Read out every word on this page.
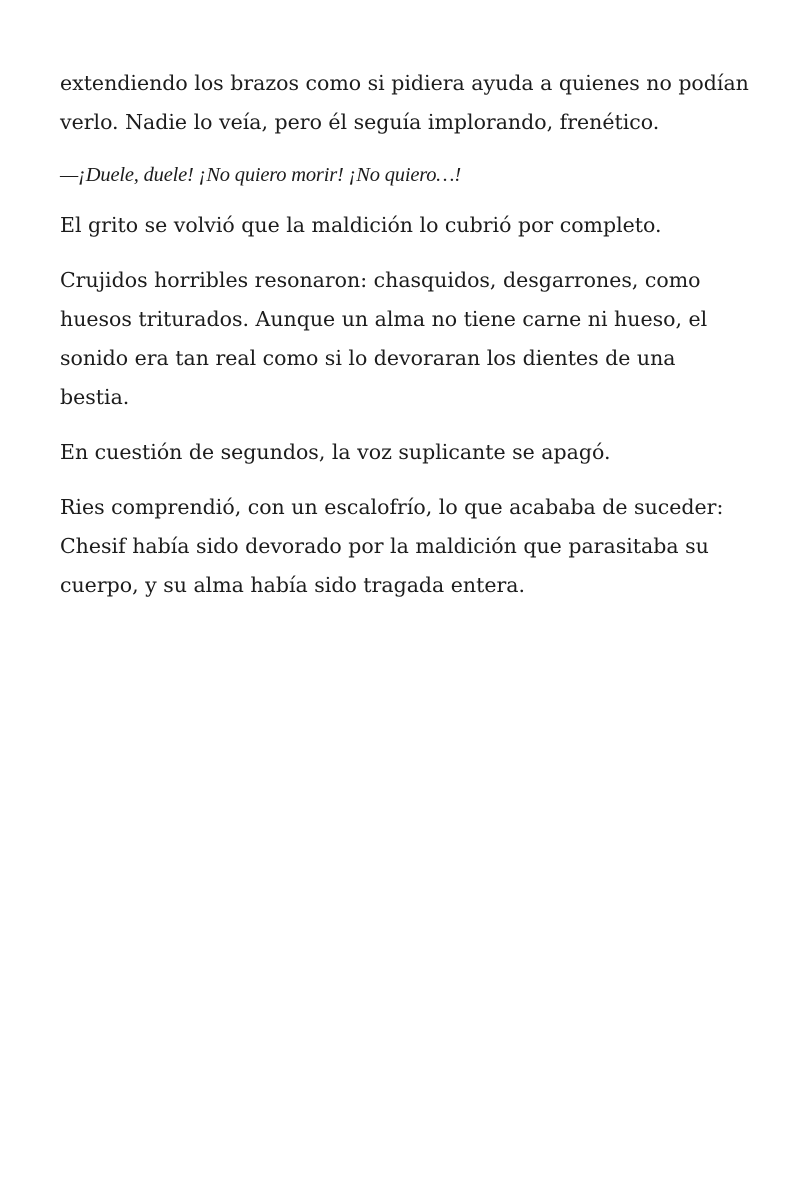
extendiendo los brazos como si pidiera ayuda a quienes no podían verlo. Nadie lo veía, pero él seguía implorando, frenético.

—¡Duele, duele! ¡No quiero morir! ¡No quiero…!

El grito se volvió que la maldición lo cubrió por completo.

Crujidos horribles resonaron: chasquidos, desgarrones, como huesos triturados. Aunque un alma no tiene carne ni hueso, el sonido era tan real como si lo devoraran los dientes de una bestia.

En cuestión de segundos, la voz suplicante se apagó.

Ries comprendió, con un escalofrío, lo que acababa de suceder: Chesif había sido devorado por la maldición que parasitaba su cuerpo, y su alma había sido tragada entera.
